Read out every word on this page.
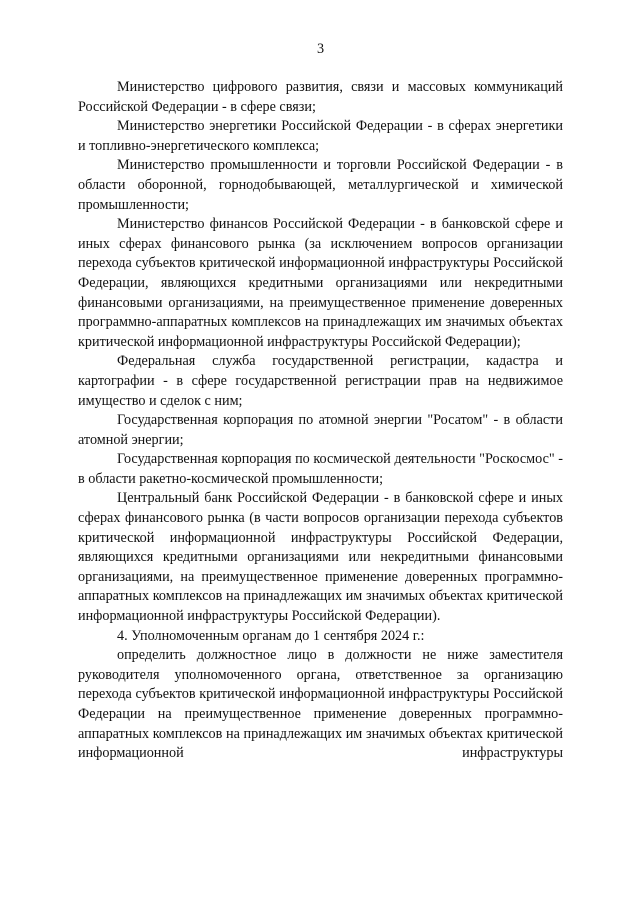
3

Министерство цифрового развития, связи и массовых коммуникаций Российской Федерации - в сфере связи;

Министерство энергетики Российской Федерации - в сферах энергетики и топливно-энергетического комплекса;

Министерство промышленности и торговли Российской Федерации - в области оборонной, горнодобывающей, металлургической и химической промышленности;

Министерство финансов Российской Федерации - в банковской сфере и иных сферах финансового рынка (за исключением вопросов организации перехода субъектов критической информационной инфраструктуры Российской Федерации, являющихся кредитными организациями или некредитными финансовыми организациями, на преимущественное применение доверенных программно-аппаратных комплексов на принадлежащих им значимых объектах критической информационной инфраструктуры Российской Федерации);

Федеральная служба государственной регистрации, кадастра и картографии - в сфере государственной регистрации прав на недвижимое имущество и сделок с ним;

Государственная корпорация по атомной энергии "Росатом" - в области атомной энергии;

Государственная корпорация по космической деятельности "Роскосмос" - в области ракетно-космической промышленности;

Центральный банк Российской Федерации - в банковской сфере и иных сферах финансового рынка (в части вопросов организации перехода субъектов критической информационной инфраструктуры Российской Федерации, являющихся кредитными организациями или некредитными финансовыми организациями, на преимущественное применение доверенных программно-аппаратных комплексов на принадлежащих им значимых объектах критической информационной инфраструктуры Российской Федерации).

4. Уполномоченным органам до 1 сентября 2024 г.:

определить должностное лицо в должности не ниже заместителя руководителя уполномоченного органа, ответственное за организацию перехода субъектов критической информационной инфраструктуры Российской Федерации на преимущественное применение доверенных программно-аппаратных комплексов на принадлежащих им значимых объектах критической информационной инфраструктуры
